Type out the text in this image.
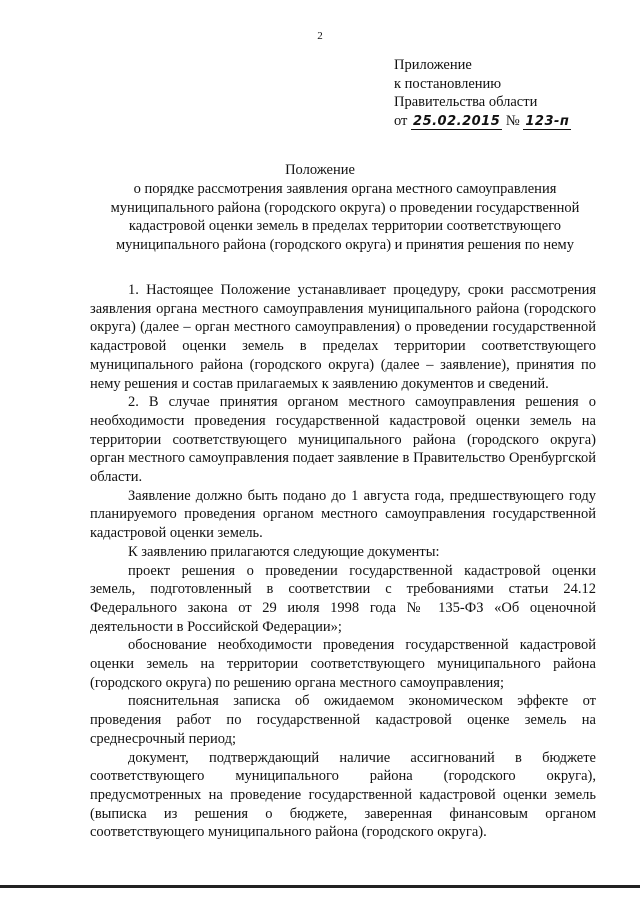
2
Приложение
к постановлению
Правительства области
от 25.02.2015 № 123-п
Положение
о порядке рассмотрения заявления органа местного самоуправления муниципального района (городского округа) о проведении государственной кадастровой оценки земель в пределах территории соответствующего муниципального района (городского округа) и принятия решения по нему

1. Настоящее Положение устанавливает процедуру, сроки рассмотрения заявления органа местного самоуправления муниципального района (городского округа) (далее – орган местного самоуправления) о проведении государственной кадастровой оценки земель в пределах территории соответствующего муниципального района (городского округа) (далее – заявление), принятия по нему решения и состав прилагаемых к заявлению документов и сведений.

2. В случае принятия органом местного самоуправления решения о необходимости проведения государственной кадастровой оценки земель на территории соответствующего муниципального района (городского округа) орган местного самоуправления подает заявление в Правительство Оренбургской области.

Заявление должно быть подано до 1 августа года, предшествующего году планируемого проведения органом местного самоуправления государственной кадастровой оценки земель.

К заявлению прилагаются следующие документы:

проект решения о проведении государственной кадастровой оценки земель, подготовленный в соответствии с требованиями статьи 24.12 Федерального закона от 29 июля 1998 года № 135-ФЗ «Об оценочной деятельности в Российской Федерации»;

обоснование необходимости проведения государственной кадастровой оценки земель на территории соответствующего муниципального района (городского округа) по решению органа местного самоуправления;

пояснительная записка об ожидаемом экономическом эффекте от проведения работ по государственной кадастровой оценке земель на среднесрочный период;

документ, подтверждающий наличие ассигнований в бюджете соответствующего муниципального района (городского округа), предусмотренных на проведение государственной кадастровой оценки земель (выписка из решения о бюджете, заверенная финансовым органом соответствующего муниципального района (городского округа).
